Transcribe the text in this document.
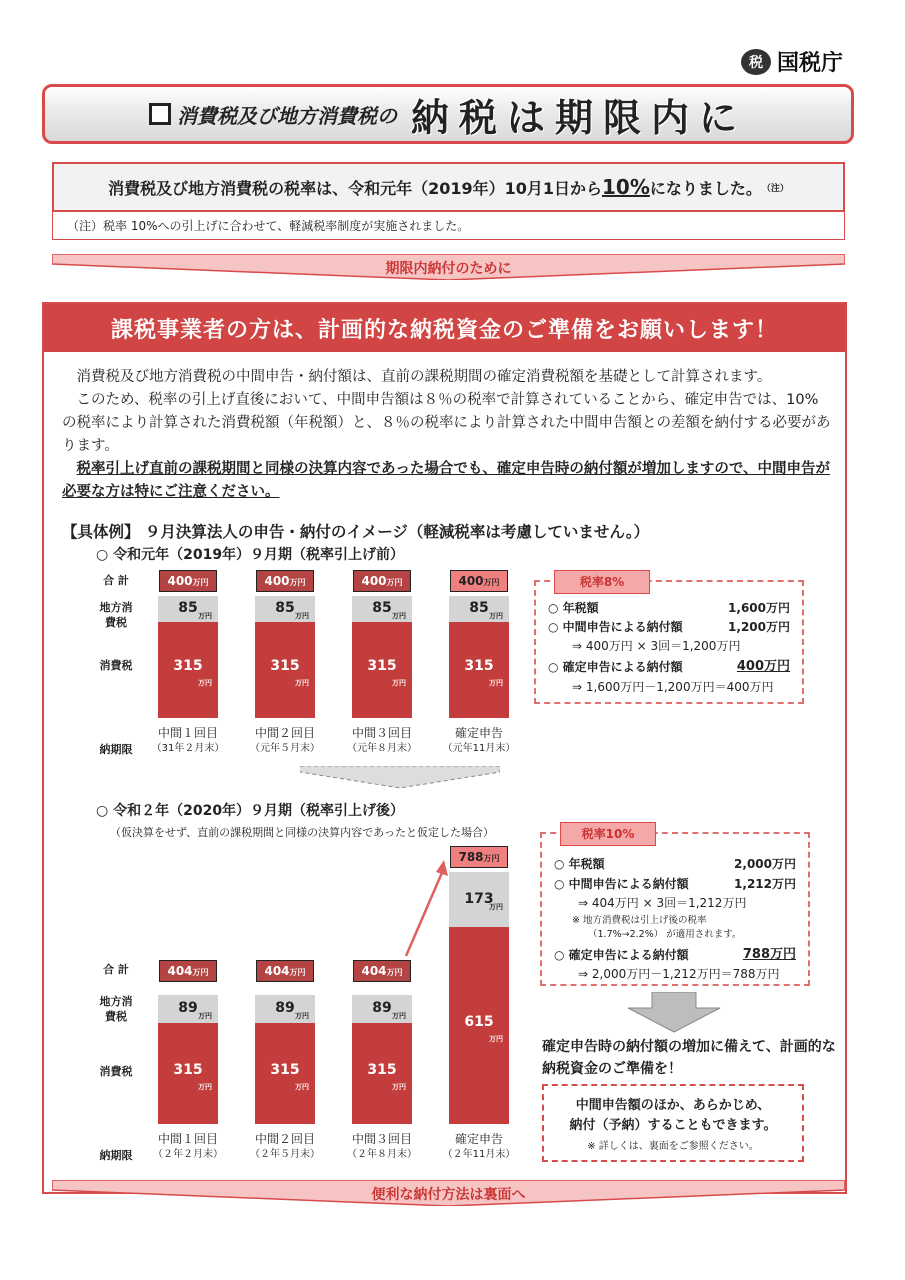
税 国税庁
消費税及び地方消費税の 納税は期限内に
消費税及び地方消費税の税率は、令和元年（2019年）10月1日から 10% になりました。 （注）
（注）税率 10%への引上げに合わせて、軽減税率制度が実施されました。
期限内納付のために
課税事業者の方は、計画的な納税資金のご準備をお願いします！

消費税及び地方消費税の中間申告・納付額は、直前の課税期間の確定消費税額を基礎として計算されます。

このため、税率の引上げ直後において、中間申告額は８％の税率で計算されていることから、確定申告では、10%の税率により計算された消費税額（年税額）と、８％の税率により計算された中間申告額との差額を納付する必要があります。

税率引上げ直前の課税期間と同様の決算内容であった場合でも、確定申告時の納付額が増加しますので、中間申告が必要な方は特にご注意ください。

【具体例】 ９月決算法人の申告・納付のイメージ（軽減税率は考慮していません。）
○ 令和元年（2019年）９月期（税率引上げ前）
合 計
地方消費税
消費税
納期限
85 万円
315
万円
400万円
中間１回目
（31年２月末）
85 万円
315
万円
400万円
中間２回目
（元年５月末）
85 万円
315
万円
400万円
中間３回目
（元年８月末）
85 万円
315
万円
400万円
確定申告
（元年11月末）
税率8%
○ 年税額	1,600万円
○ 中間申告による納付額	1,200万円
⇒ 400万円 × 3回＝1,200万円
○ 確定申告による納付額	400万円
⇒ 1,600万円－1,200万円＝400万円
○ 令和２年（2020年）９月期（税率引上げ後）
（仮決算をせず、直前の課税期間と同様の決算内容であったと仮定した場合）
合 計
地方消費税
消費税
納期限
89 万円
315
万円
404万円
中間１回目
（２年２月末）
89 万円
315
万円
404万円
中間２回目
（２年５月末）
89 万円
315
万円
404万円
中間３回目
（２年８月末）
173
万円
615
万円
788万円
確定申告
（２年11月末）
税率10%
○ 年税額	2,000万円
○ 中間申告による納付額	1,212万円
⇒ 404万円 × 3回＝1,212万円
※ 地方消費税は引上げ後の税率
（1.7%→2.2%） が適用されます。
○ 確定申告による納付額	788万円
⇒ 2,000万円－1,212万円＝788万円
確定申告時の納付額の増加に備えて、計画的な納税資金のご準備を！
中間申告額のほか、あらかじめ、
納付（予納）することもできます。
※ 詳しくは、裏面をご参照ください。
便利な納付方法は裏面へ
